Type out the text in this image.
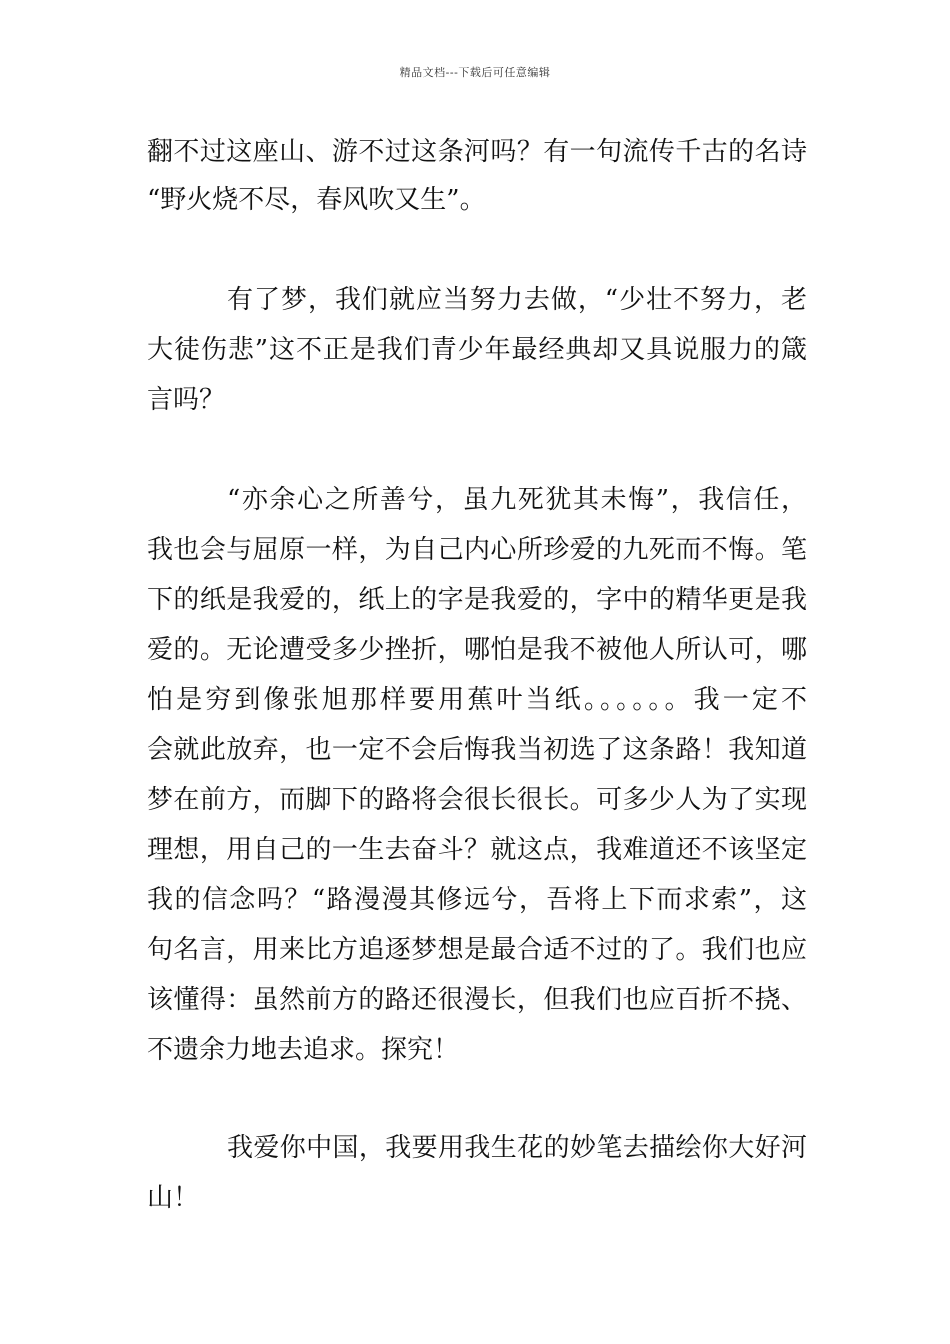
精品文档---下载后可任意编辑
翻不过这座山、游不过这条河吗？有一句流传千古的名诗
“野火烧不尽，春风吹又生”。
有了梦，我们就应当努力去做，“少壮不努力，老
大徒伤悲”这不正是我们青少年最经典却又具说服力的箴
言吗？
“亦余心之所善兮，虽九死犹其未悔”，我信任，
我也会与屈原一样，为自己内心所珍爱的九死而不悔。笔
下的纸是我爱的，纸上的字是我爱的，字中的精华更是我
爱的。无论遭受多少挫折，哪怕是我不被他人所认可，哪
怕是穷到像张旭那样要用蕉叶当纸。。。。。。我一定不
会就此放弃，也一定不会后悔我当初选了这条路！我知道
梦在前方，而脚下的路将会很长很长。可多少人为了实现
理想，用自己的一生去奋斗？就这点，我难道还不该坚定
我的信念吗？“路漫漫其修远兮，吾将上下而求索”，这
句名言，用来比方追逐梦想是最合适不过的了。我们也应
该懂得：虽然前方的路还很漫长，但我们也应百折不挠、
不遗余力地去追求。探究！
我爱你中国，我要用我生花的妙笔去描绘你大好河
山！
